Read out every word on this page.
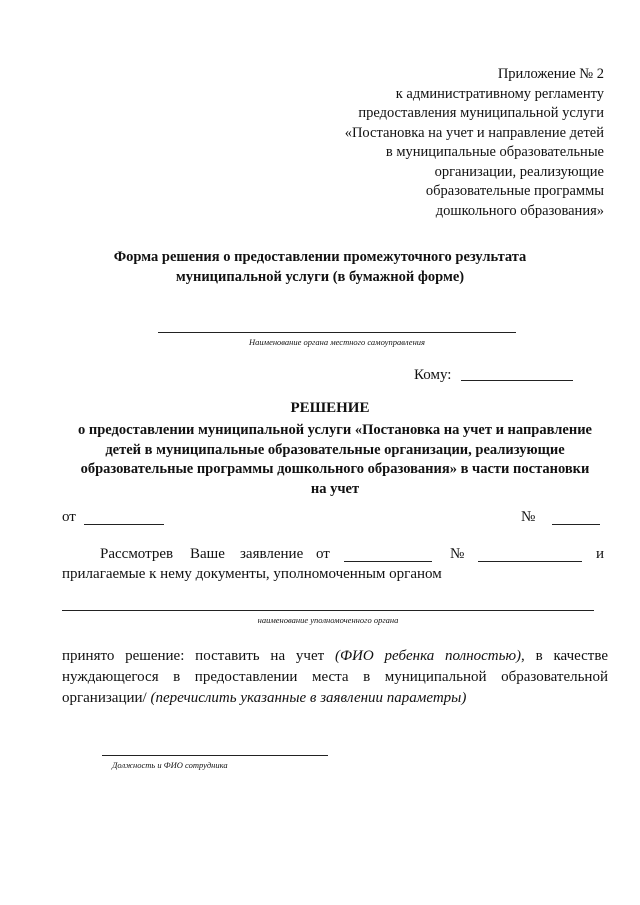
Приложение № 2
к административному регламенту
предоставления муниципальной услуги
«Постановка на учет и направление детей
в муниципальные образовательные
организации, реализующие
образовательные программы
дошкольного образования»
Форма решения о предоставлении промежуточного результата
муниципальной услуги (в бумажной форме)
Наименование органа местного самоуправления
Кому:
РЕШЕНИЕ
о предоставлении муниципальной услуги «Постановка на учет и направление
детей в муниципальные образовательные организации, реализующие
образовательные программы дошкольного образования» в части постановки
на учет
от	№
Рассмотрев Ваше заявление от	№	и
прилагаемые к нему документы, уполномоченным органом
наименование уполномоченного органа
принято решение: поставить на учет (ФИО ребенка полностью), в качестве нуждающегося в предоставлении места в муниципальной образовательной организации/ (перечислить указанные в заявлении параметры)
Должность и ФИО сотрудника
